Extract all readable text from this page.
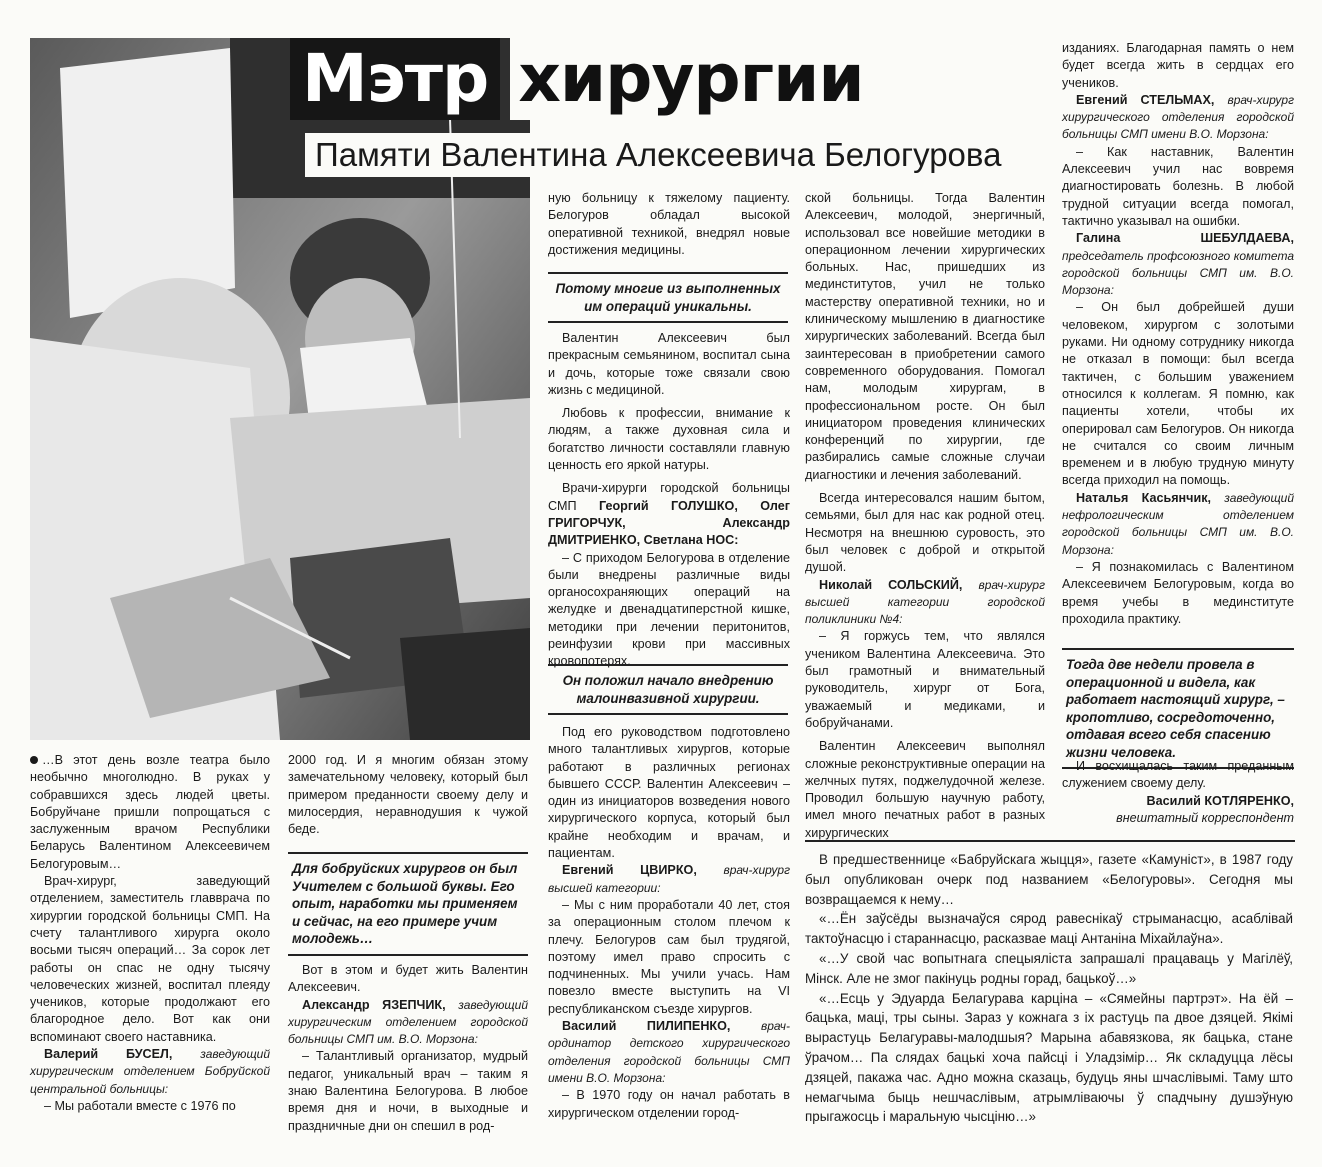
Мэтр хирургии
Памяти Валентина Алексеевича Белогурова

…В этот день возле театра было необычно многолюдно. В руках у собравшихся здесь людей цветы. Бобруйчане пришли попрощаться с заслуженным врачом Республики Беларусь Валентином Алексеевичем Белогуровым…

Врач-хирург, заведующий отделением, заместитель главврача по хирургии городской больницы СМП. На счету талантливого хирурга около восьми тысяч операций… За сорок лет работы он спас не одну тысячу человеческих жизней, воспитал плеяду учеников, которые продолжают его благородное дело. Вот как они вспоминают своего наставника.

Валерий БУСЕЛ, заведующий хирургическим отделением Бобруйской центральной больницы:

– Мы работали вместе с 1976 по

2000 год. И я многим обязан этому замечательному человеку, который был примером преданности своему делу и милосердия, неравнодушия к чужой беде.

Для бобруйских хирургов он был Учителем с большой буквы. Его опыт, наработки мы применяем и сейчас, на его примере учим молодежь…

Вот в этом и будет жить Валентин Алексеевич.

Александр ЯЗЕПЧИК, заведующий хирургическим отделением городской больницы СМП им. В.О. Морзона:

– Талантливый организатор, мудрый педагог, уникальный врач – таким я знаю Валентина Белогурова. В любое время дня и ночи, в выходные и праздничные дни он спешил в род-

ную больницу к тяжелому пациенту. Белогуров обладал высокой оперативной техникой, внедрял новые достижения медицины.

Потому многие из выполненных им операций уникальны.

Валентин Алексеевич был прекрасным семьянином, воспитал сына и дочь, которые тоже связали свою жизнь с медициной.

Любовь к профессии, внимание к людям, а также духовная сила и богатство личности составляли главную ценность его яркой натуры.

Врачи-хирурги городской больницы СМП Георгий ГОЛУШКО, Олег ГРИГОРЧУК, Александр ДМИТРИЕНКО, Светлана НОС:

– С приходом Белогурова в отделение были внедрены различные виды органосохраняющих операций на желудке и двенадцатиперстной кишке, методики при лечении перитонитов, реинфузии крови при массивных кровопотерях.

Он положил начало внедрению малоинвазивной хирургии.

Под его руководством подготовлено много талантливых хирургов, которые работают в различных регионах бывшего СССР. Валентин Алексеевич – один из инициаторов возведения нового хирургического корпуса, который был крайне необходим и врачам, и пациентам.

Евгений ЦВИРКО, врач-хирург высшей категории:

– Мы с ним проработали 40 лет, стоя за операционным столом плечом к плечу. Белогуров сам был трудягой, поэтому имел право спросить с подчиненных. Мы учили учась. Нам повезло вместе выступить на VI республиканском съезде хирургов.

Василий ПИЛИПЕНКО,	врач-ординатор детского хирургического отделения городской больницы СМП имени В.О. Морзона:

– В 1970 году он начал работать в хирургическом отделении город-

ской больницы. Тогда Валентин Алексеевич, молодой, энергичный, использовал все новейшие методики в операционном лечении хирургических больных. Нас, пришедших из мединститутов, учил не только мастерству оперативной техники, но и клиническому мышлению в диагностике хирургических заболеваний. Всегда был заинтересован в приобретении самого современного оборудования. Помогал нам, молодым хирургам, в профессиональном росте. Он был инициатором проведения клинических конференций по хирургии, где разбирались самые сложные случаи диагностики и лечения заболеваний.

Всегда интересовался нашим бытом, семьями, был для нас как родной отец. Несмотря на внешнюю суровость, это был человек с доброй и открытой душой.

Николай СОЛЬСКИЙ, врач-хирург высшей категории городской поликлиники №4:

– Я горжусь тем, что являлся учеником Валентина Алексеевича. Это был грамотный и внимательный руководитель, хирург от Бога, уважаемый и медиками, и бобруйчанами.

Валентин Алексеевич выполнял сложные реконструктивные операции на желчных путях, поджелудочной железе. Проводил большую научную работу, имел много печатных работ в разных хирургических

изданиях. Благодарная память о нем будет всегда жить в сердцах его учеников.

Евгений СТЕЛЬМАХ, врач-хирург хирургического отделения городской больницы СМП имени В.О. Морзона:

– Как наставник, Валентин Алексеевич учил нас вовремя диагностировать болезнь. В любой трудной ситуации всегда помогал, тактично указывал на ошибки.

Галина ШЕБУЛДАЕВА, председатель профсоюзного комитета городской больницы СМП им. В.О. Морзона:

– Он был добрейшей души человеком, хирургом с золотыми руками. Ни одному сотруднику никогда не отказал в помощи: был всегда тактичен, с большим уважением относился к коллегам. Я помню, как пациенты хотели, чтобы их оперировал сам Белогуров. Он никогда не считался со своим личным временем и в любую трудную минуту всегда приходил на помощь.

Наталья Касьянчик, заведующий нефрологическим отделением городской больницы СМП им. В.О. Морзона:

– Я познакомилась с Валентином Алексеевичем Белогуровым, когда во время учебы в мединституте проходила практику.

Тогда две недели провела в операционной и видела, как работает настоящий хирург, – кропотливо, сосредоточенно, отдавая всего себя спасению жизни человека.

И восхищалась таким преданным служением своему делу.

Василий КОТЛЯРЕНКО,

внештатный корреспондент

В предшественнице «Бабруйскага жыцця», газете «Камунiст», в 1987 году был опубликован очерк под названием «Белогуровы». Сегодня мы возвращаемся к нему…

«…Ён заўсёды вызначаўся сярод равеснікаў стрыманасцю, асаблівай тактоўнасцю і стараннасцю, расказвае маці Антаніна Міхайлаўна».

«…У свой час вопытнага спецыяліста запрашалі працаваць у Магілёў, Мінск. Але не змог пакінуць родны горад, бацькоў…»

«…Есць у Эдуарда Белагурава карціна – «Сямейны партрэт». На ёй – бацька, маці, тры сыны. Зараз у кожнага з іх растуць па двое дзяцей. Якімі вырастуць Белагуравы-малодшыя? Марына абавязкова, як бацька, стане ўрачом… Па слядах бацькі хоча пайсці і Уладзімір… Як складуцца лёсы дзяцей, пакажа час. Адно можна сказаць, будуць яны шчаслівымі. Таму што немагчыма быць нешчаслівым, атрымліваючы ў спадчыну душэўную прыгажосць і маральную чысціню…»
